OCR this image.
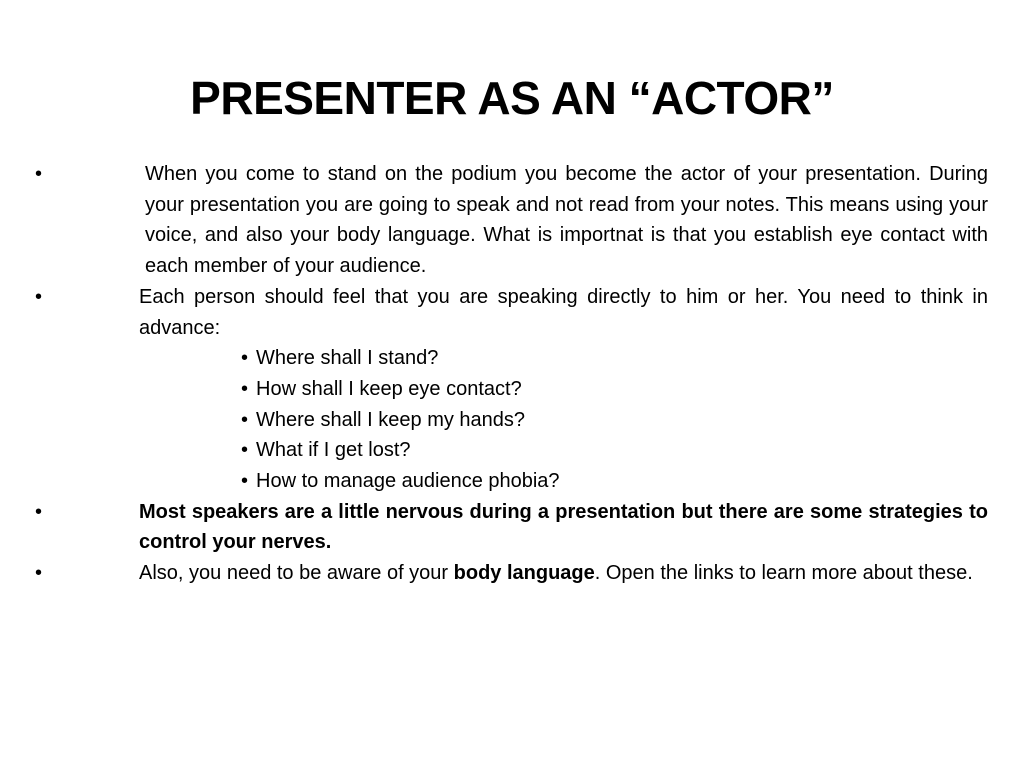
PRESENTER AS AN “ACTOR”
•	When you come to stand on the podium you become the actor of your presentation. During your presentation you are going to speak and not read from your notes. This means using your voice, and also your body language. What is importnat is that you establish eye contact with each member of your audience.
•	Each person should feel that you are speaking directly to him or her. You need to think in advance:
• Where shall I stand?
• How shall I keep eye contact?
• Where shall I keep my hands?
• What if I get lost?
• How to manage audience phobia?
•	Most speakers are a little nervous during a presentation but there are some strategies to control your nerves.
•	Also, you need to be aware of your body language. Open the links to learn more about these.
